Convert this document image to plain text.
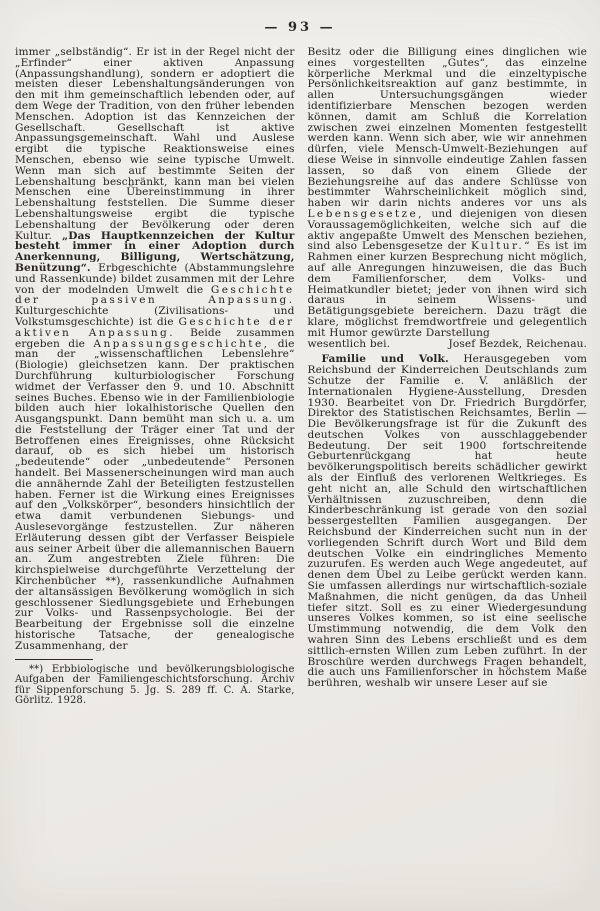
— 93 —

immer „selbständig“. Er ist in der Regel nicht der „Erfinder“ einer aktiven Anpassung (Anpassungshandlung), sondern er adoptiert die meisten dieser Lebenshaltungsänderungen von den mit ihm gemeinschaftlich lebenden oder, auf dem Wege der Tradition, von den früher lebenden Menschen. Adoption ist das Kennzeichen der Gesellschaft. Gesellschaft ist aktive Anpassungsgemeinschaft. Wahl und Auslese ergibt die typische Reaktionsweise eines Menschen, ebenso wie seine typische Umwelt. Wenn man sich auf bestimmte Seiten der Lebenshaltung beschränkt, kann man bei vielen Menschen eine Übereinstimmung in ihrer Lebenshaltung feststellen. Die Summe dieser Lebenshaltungsweise ergibt die typische Lebenshaltung der Bevölkerung oder deren Kultur. „Das Hauptkennzeichen der Kultur besteht immer in einer Adoption durch Anerkennung, Billigung, Wertschätzung, Benützung“. Erbgeschichte (Abstammungslehre und Rassenkunde) bildet zusammen mit der Lehre von der modelnden Umwelt die Geschichte der passiven Anpassung. Kulturgeschichte (Zivilisations- und Volkstumsgeschichte) ist die Geschichte der aktiven Anpassung. Beide zusammen ergeben die Anpassungsgeschichte, die man der „wissenschaftlichen Lebenslehre“ (Biologie) gleichsetzen kann. Der praktischen Durchführung kulturbiologischer Forschung widmet der Verfasser den 9. und 10. Abschnitt seines Buches. Ebenso wie in der Familienbiologie bilden auch hier lokalhistorische Quellen den Ausgangspunkt. Dann bemüht man sich u. a. um die Feststellung der Träger einer Tat und der Betroffenen eines Ereignisses, ohne Rücksicht darauf, ob es sich hiebei um historisch „bedeutende“ oder „unbedeutende“ Personen handelt. Bei Massenerscheinungen wird man auch die annähernde Zahl der Beteiligten festzustellen haben. Ferner ist die Wirkung eines Ereignisses auf den „Volkskörper“, besonders hinsichtlich der etwa damit verbundenen Siebungs- und Auslesevorgänge festzustellen. Zur näheren Erläuterung dessen gibt der Verfasser Beispiele aus seiner Arbeit über die allemannischen Bauern an. Zum angestrebten Ziele führen: Die kirchspielweise durchgeführte Verzettelung der Kirchenbücher **), rassenkundliche Aufnahmen der altansässigen Bevölkerung womöglich in sich geschlossener Siedlungsgebiete und Erhebungen zur Volks- und Rassenpsychologie. Bei der Bearbeitung der Ergebnisse soll die einzelne historische Tatsache, der genealogische Zusammenhang, der

**) Erbbiologische und bevölkerungsbiologische Aufgaben der Familiengeschichtsforschung. Archiv für Sippenforschung 5. Jg. S. 289 ff. C. A. Starke, Görlitz. 1928.

Besitz oder die Billigung eines dinglichen wie eines vorgestellten „Gutes“, das einzelne körperliche Merkmal und die einzeltypische Persönlichkeitsreaktion auf ganz bestimmte, in allen Untersuchungsgängen wieder identifizierbare Menschen bezogen werden können, damit am Schluß die Korrelation zwischen zwei einzelnen Momenten festgestellt werden kann. Wenn sich aber, wie wir annehmen dürfen, viele Mensch-Umwelt-Beziehungen auf diese Weise in sinnvolle eindeutige Zahlen fassen lassen, so daß von einem Gliede der Beziehungsreihe auf das andere Schlüsse von bestimmter Wahrscheinlichkeit möglich sind, haben wir darin nichts anderes vor uns als Lebensgesetze, und diejenigen von diesen Voraussagemöglichkeiten, welche sich auf die aktiv angepaßte Umwelt des Menschen beziehen, sind also Lebensgesetze der Kultur.“ Es ist im Rahmen einer kurzen Besprechung nicht möglich, auf alle Anregungen hinzuweisen, die das Buch dem Familienforscher, dem Volks- und Heimatkundler bietet; jeder von ihnen wird sich daraus in seinem Wissens- und Betätigungsgebiete bereichern. Dazu trägt die klare, möglichst fremdwortfreie und gelegentlich mit Humor gewürzte Darstellung

wesentlich bei.	Josef Bezdek, Reichenau.

Familie und Volk. Herausgegeben vom Reichsbund der Kinderreichen Deutschlands zum Schutze der Familie e. V. anläßlich der Internationalen Hygiene-Ausstellung, Dresden 1930. Bearbeitet von Dr. Friedrich Burgdörfer, Direktor des Statistischen Reichsamtes, Berlin — Die Bevölkerungsfrage ist für die Zukunft des deutschen Volkes von ausschlaggebender Bedeutung. Der seit 1900 fortschreitende Geburtenrückgang hat heute bevölkerungspolitisch bereits schädlicher gewirkt als der Einfluß des verlorenen Weltkrieges. Es geht nicht an, alle Schuld den wirtschaftlichen Verhältnissen zuzuschreiben, denn die Kinderbeschränkung ist gerade von den sozial bessergestellten Familien ausgegangen. Der Reichsbund der Kinderreichen sucht nun in der vorliegenden Schrift durch Wort und Bild dem deutschen Volke ein eindringliches Memento zuzurufen. Es werden auch Wege angedeutet, auf denen dem Übel zu Leibe gerückt werden kann. Sie umfassen allerdings nur wirtschaftlich-soziale Maßnahmen, die nicht genügen, da das Unheil tiefer sitzt. Soll es zu einer Wiedergesundung unseres Volkes kommen, so ist eine seelische Umstimmung notwendig, die dem Volk den wahren Sinn des Lebens erschließt und es dem sittlich-ernsten Willen zum Leben zuführt. In der Broschüre werden durchwegs Fragen behandelt, die auch uns Familienforscher in höchstem Maße berühren, weshalb wir unsere Leser auf sie
